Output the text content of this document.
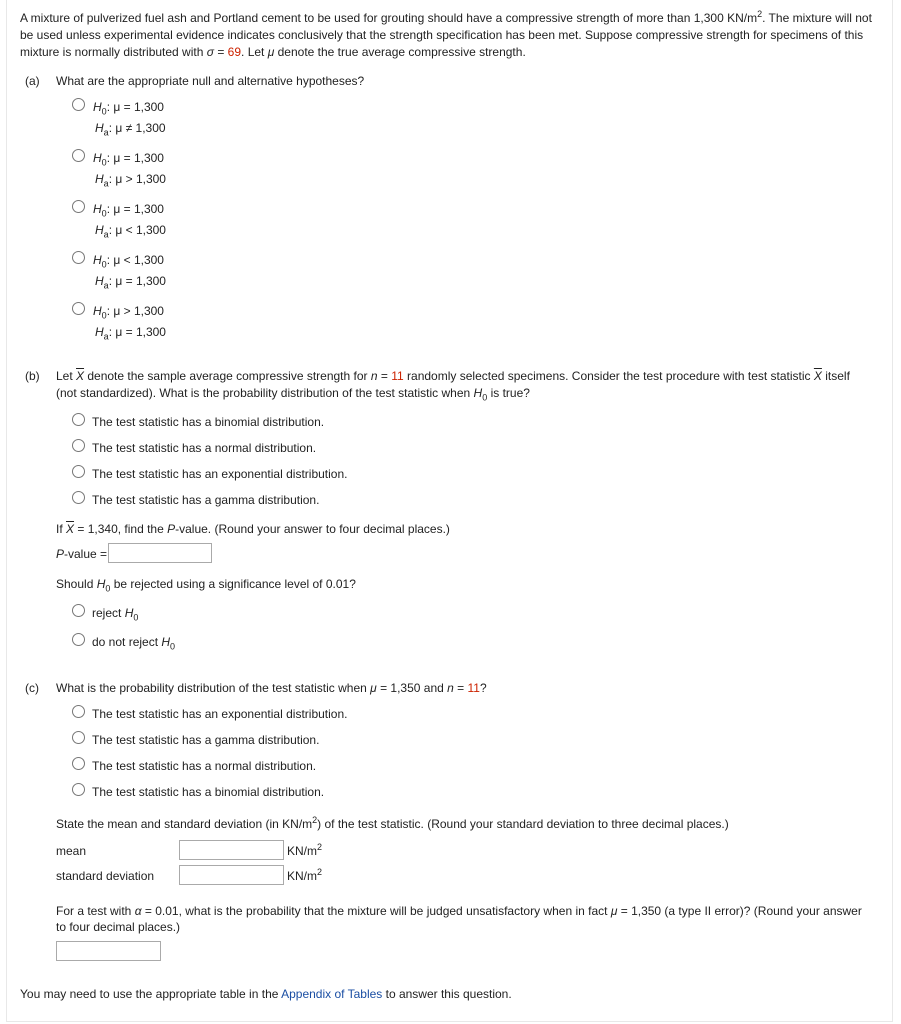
A mixture of pulverized fuel ash and Portland cement to be used for grouting should have a compressive strength of more than 1,300 $KN/m^2$. The mixture will not be used unless experimental evidence indicates conclusively that the strength specification has been met. Suppose compressive strength for specimens of this mixture is normally distributed with σ = 69. Let μ denote the true average compressive strength.
(a) What are the appropriate null and alternative hypotheses?
$H_0$: μ = 1,300
$H_a$: μ ≠ 1,300
$H_0$: μ = 1,300
$H_a$: μ > 1,300
$H_0$: μ = 1,300
$H_a$: μ < 1,300
$H_0$: μ < 1,300
$H_a$: μ = 1,300
$H_0$: μ > 1,300
$H_a$: μ = 1,300
(b) Let $\overline{X}$ denote the sample average compressive strength for n = 11 randomly selected specimens. Consider the test procedure with test statistic $\overline{X}$ itself
(not standardized). What is the probability distribution of the test statistic when $H_0$ is true?
The test statistic has a binomial distribution.
The test statistic has a normal distribution.
The test statistic has an exponential distribution.
The test statistic has a gamma distribution.
If $\overline{X} = 1,340$, find the P-value. (Round your answer to four decimal places.)
P-value =
Should $H_0$ be rejected using a significance level of 0.01?
reject $H_0$
do not reject $H_0$
(c) What is the probability distribution of the test statistic when μ = 1,350 and n = 11?
The test statistic has an exponential distribution.
The test statistic has a gamma distribution.
The test statistic has a normal distribution.
The test statistic has a binomial distribution.
State the mean and standard deviation (in $KN/m^2$) of the test statistic. (Round your standard deviation to three decimal places.)
mean	$KN/m^2$
standard deviation	$KN/m^2$
For a test with α = 0.01, what is the probability that the mixture will be judged unsatisfactory when in fact μ = 1,350 (a type II error)? (Round your answer
to four decimal places.)
You may need to use the appropriate table in the Appendix of Tables to answer this question.
